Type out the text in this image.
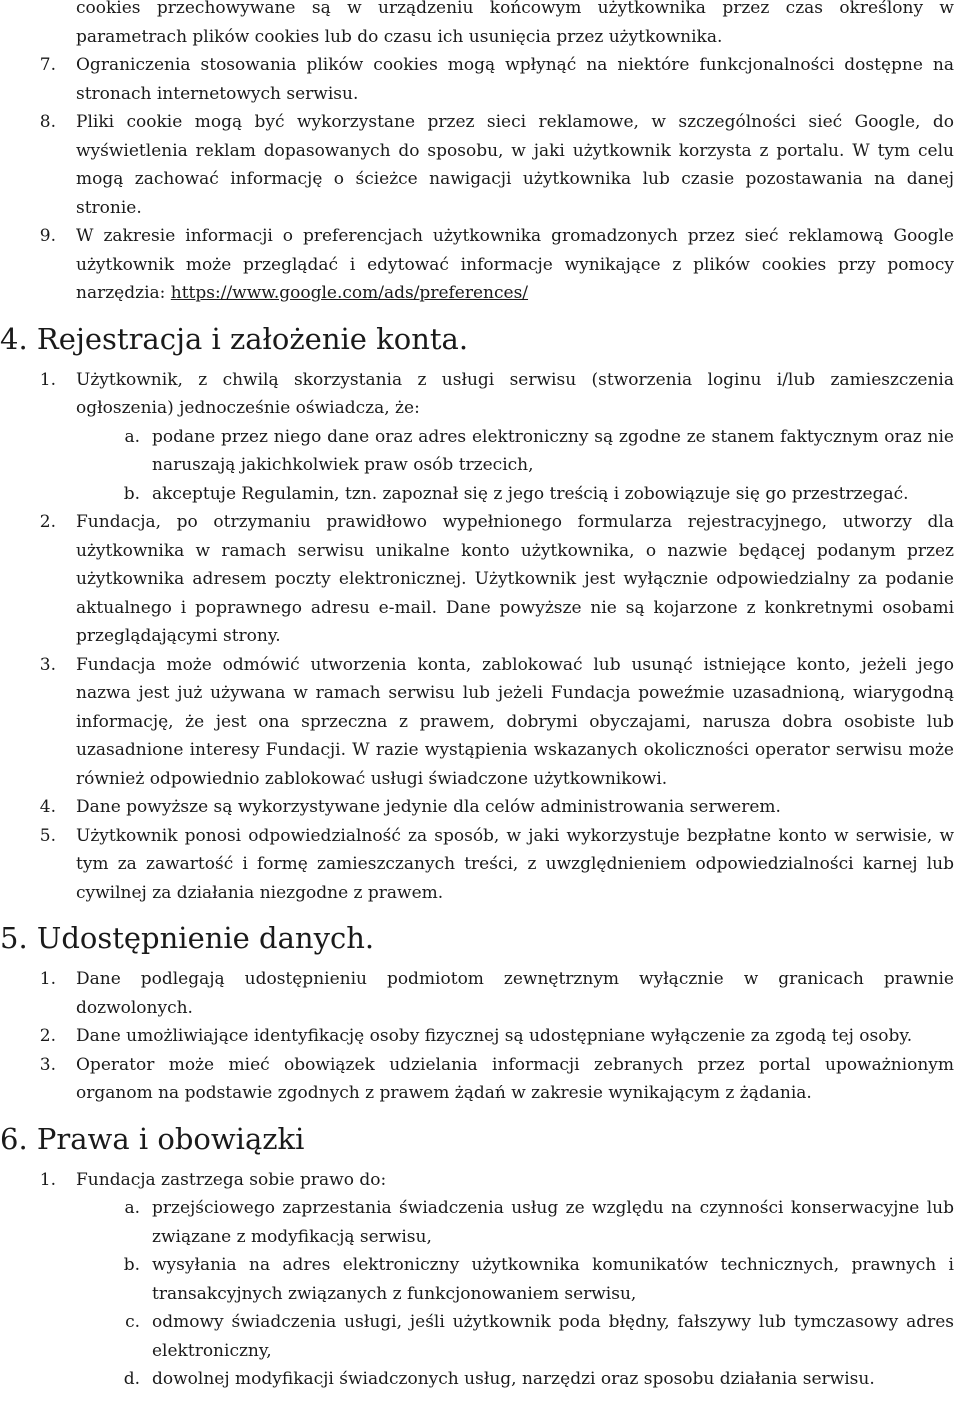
cookies przechowywane są w urządzeniu końcowym użytkownika przez czas określony w parametrach plików cookies lub do czasu ich usunięcia przez użytkownika.
7.	Ograniczenia stosowania plików cookies mogą wpłynąć na niektóre funkcjonalności dostępne na stronach internetowych serwisu.
8.	Pliki cookie mogą być wykorzystane przez sieci reklamowe, w szczególności sieć Google, do wyświetlenia reklam dopasowanych do sposobu, w jaki użytkownik korzysta z portalu. W tym celu mogą zachować informację o ścieżce nawigacji użytkownika lub czasie pozostawania na danej stronie.
9.	W zakresie informacji o preferencjach użytkownika gromadzonych przez sieć reklamową Google użytkownik może przeglądać i edytować informacje wynikające z plików cookies przy pomocy narzędzia: https://www.google.com/ads/preferences/
4. Rejestracja i założenie konta.
1.	Użytkownik, z chwilą skorzystania z usługi serwisu (stworzenia loginu i/lub zamieszczenia ogłoszenia) jednocześnie oświadcza, że:
a. podane przez niego dane oraz adres elektroniczny są zgodne ze stanem faktycznym oraz nie naruszają jakichkolwiek praw osób trzecich,
b. akceptuje Regulamin, tzn. zapoznał się z jego treścią i zobowiązuje się go przestrzegać.
2.	Fundacja, po otrzymaniu prawidłowo wypełnionego formularza rejestracyjnego, utworzy dla użytkownika w ramach serwisu unikalne konto użytkownika, o nazwie będącej podanym przez użytkownika adresem poczty elektronicznej. Użytkownik jest wyłącznie odpowiedzialny za podanie aktualnego i poprawnego adresu e-mail. Dane powyższe nie są kojarzone z konkretnymi osobami przeglądającymi strony.
3.	Fundacja może odmówić utworzenia konta, zablokować lub usunąć istniejące konto, jeżeli jego nazwa jest już używana w ramach serwisu lub jeżeli Fundacja poweźmie uzasadnioną, wiarygodną informację, że jest ona sprzeczna z prawem, dobrymi obyczajami, narusza dobra osobiste lub uzasadnione interesy Fundacji. W razie wystąpienia wskazanych okoliczności operator serwisu może również odpowiednio zablokować usługi świadczone użytkownikowi.
4.	Dane powyższe są wykorzystywane jedynie dla celów administrowania serwerem.
5.	Użytkownik ponosi odpowiedzialność za sposób, w jaki wykorzystuje bezpłatne konto w serwisie, w tym za zawartość i formę zamieszczanych treści, z uwzględnieniem odpowiedzialności karnej lub cywilnej za działania niezgodne z prawem.
5. Udostępnienie danych.
1.	Dane podlegają udostępnieniu podmiotom zewnętrznym wyłącznie w granicach prawnie dozwolonych.
2.	Dane umożliwiające identyfikację osoby fizycznej są udostępniane wyłączenie za zgodą tej osoby.
3.	Operator może mieć obowiązek udzielania informacji zebranych przez portal upoważnionym organom na podstawie zgodnych z prawem żądań w zakresie wynikającym z żądania.
6. Prawa i obowiązki
1.	Fundacja zastrzega sobie prawo do:
a. przejściowego zaprzestania świadczenia usług ze względu na czynności konserwacyjne lub związane z modyfikacją serwisu,
b. wysyłania na adres elektroniczny użytkownika komunikatów technicznych, prawnych i transakcyjnych związanych z funkcjonowaniem serwisu,
c. odmowy świadczenia usługi, jeśli użytkownik poda błędny, fałszywy lub tymczasowy adres elektroniczny,
d. dowolnej modyfikacji świadczonych usług, narzędzi oraz sposobu działania serwisu.
